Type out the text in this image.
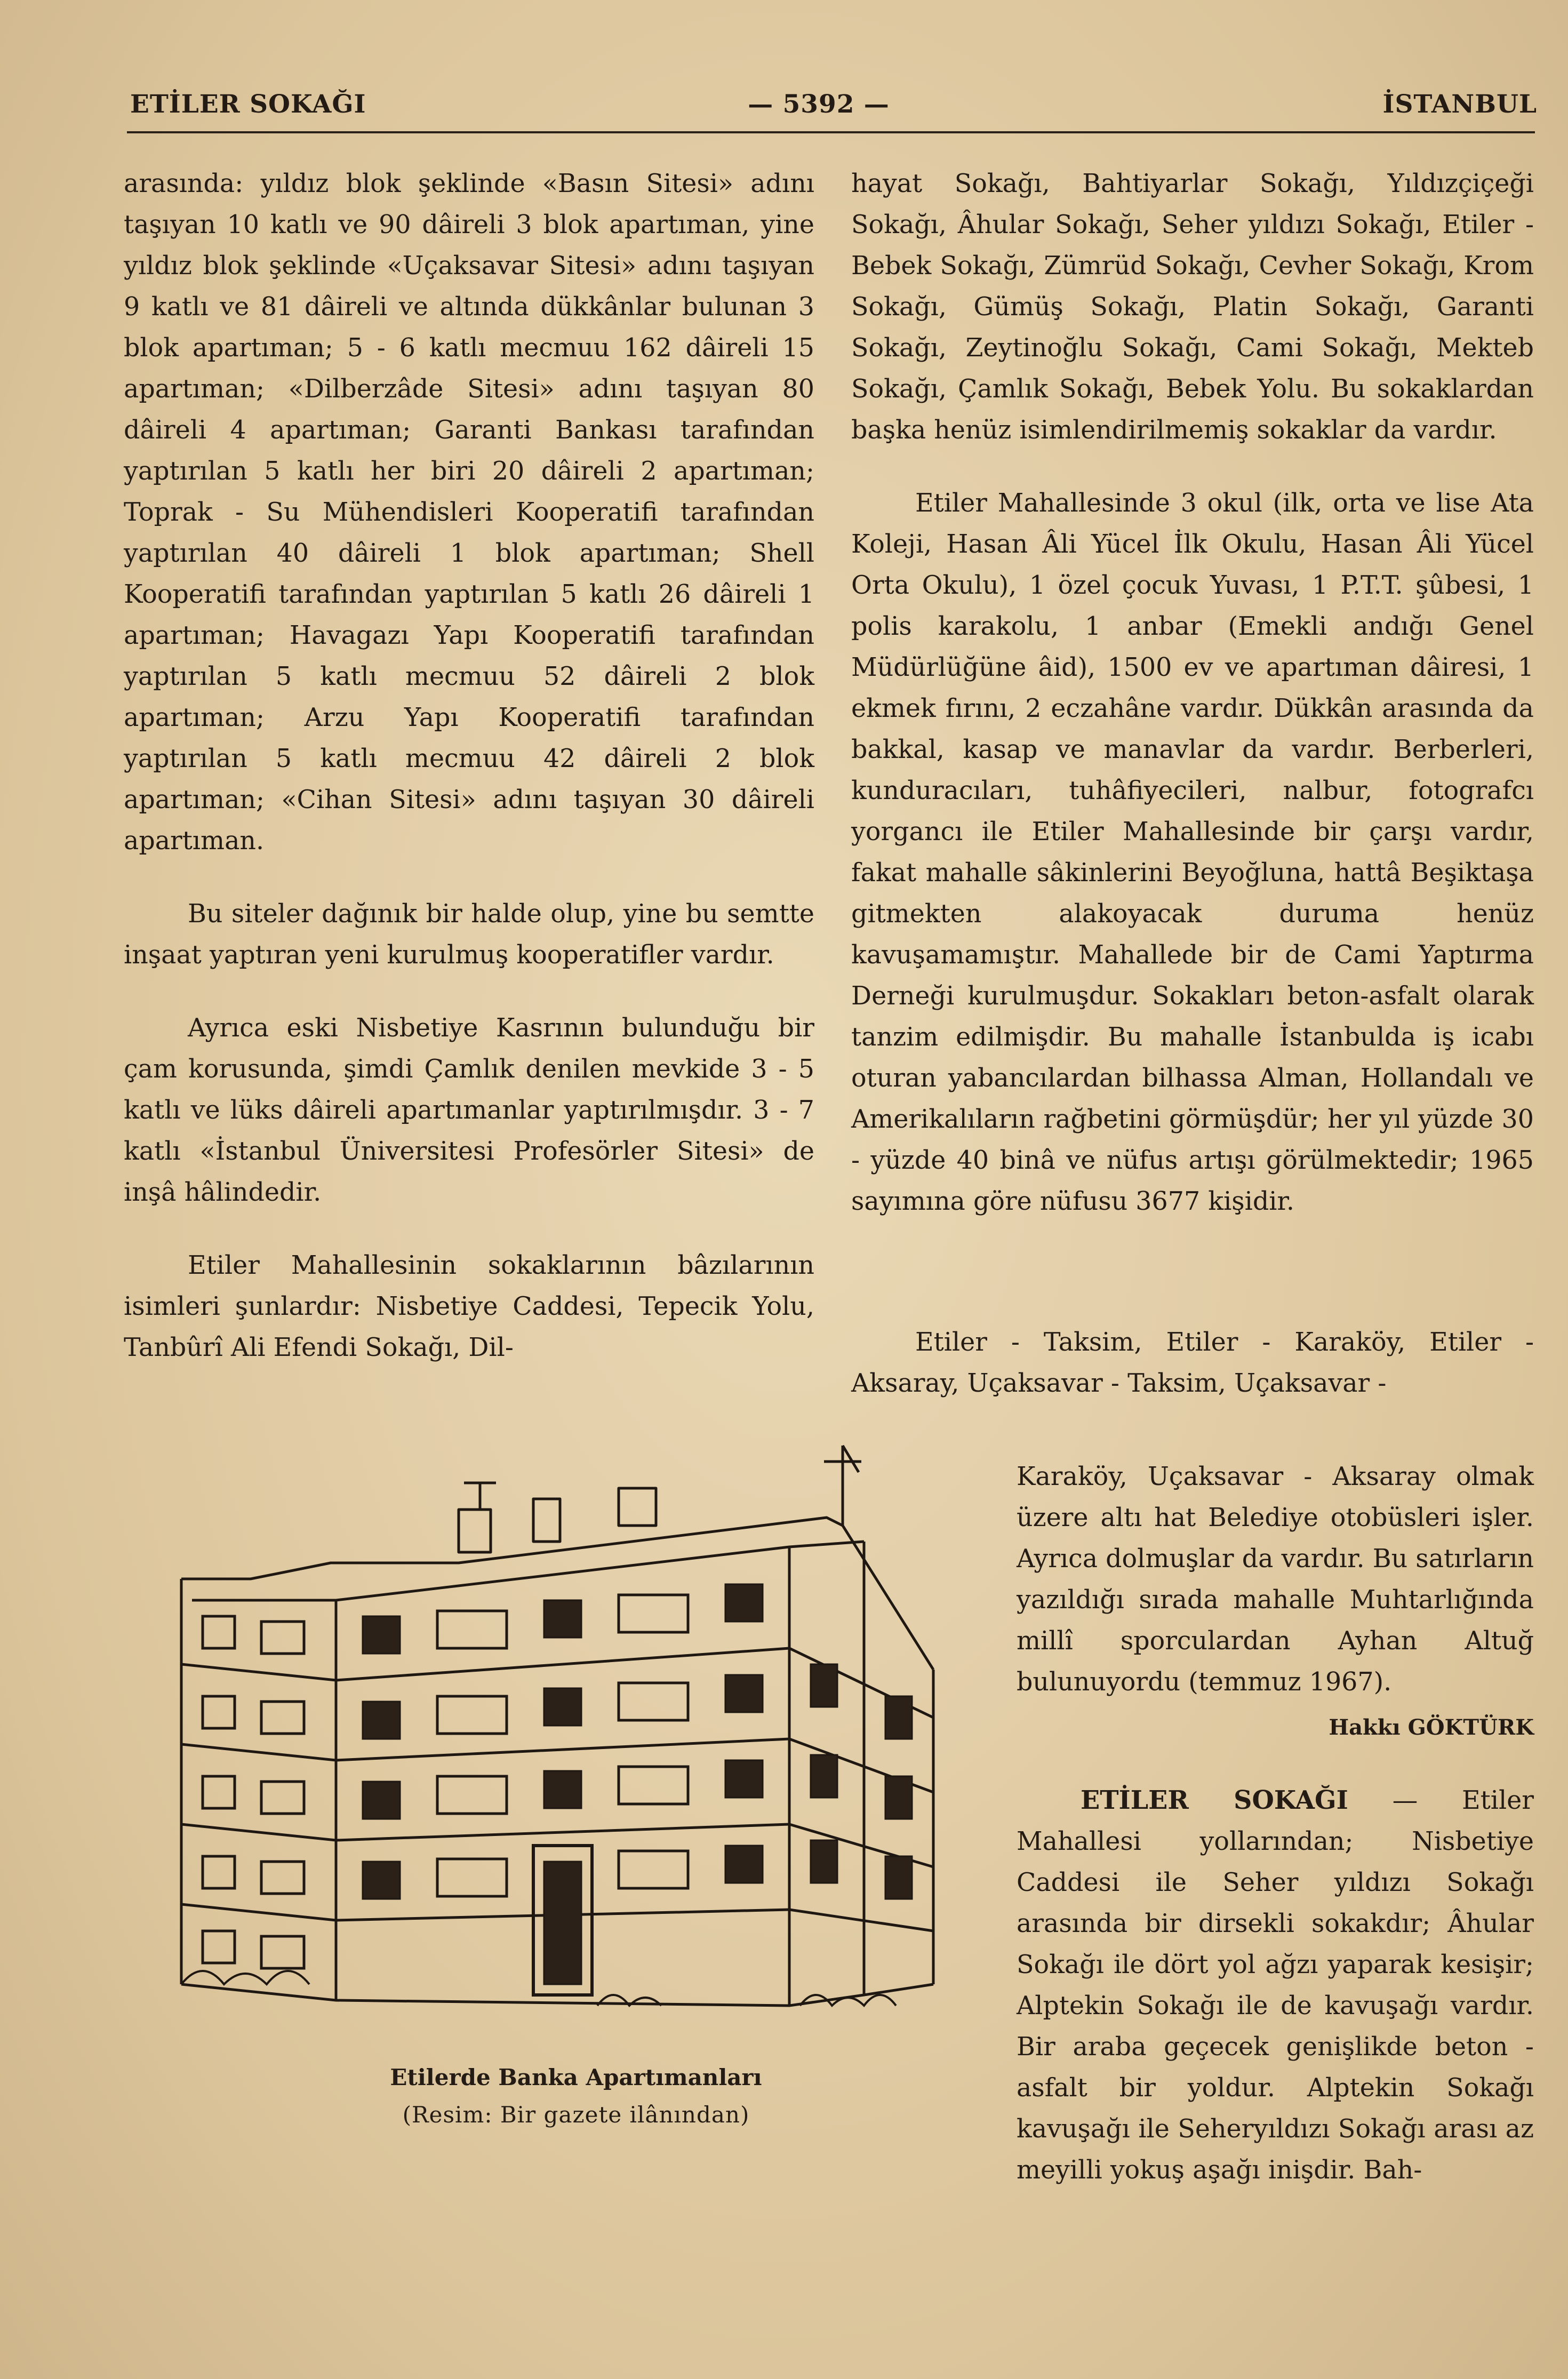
ETİLER SOKAĞI	— 5392 —	İSTANBUL

arasında: yıldız blok şeklinde «Basın Sitesi» adını taşıyan 10 katlı ve 90 dâireli 3 blok apartıman, yine yıldız blok şeklinde «Uçaksavar Sitesi» adını taşıyan 9 katlı ve 81 dâireli ve altında dükkânlar bulunan 3 blok apartıman; 5 - 6 katlı mecmuu 162 dâireli 15 apartıman; «Dilberzâde Sitesi» adını taşıyan 80 dâireli 4 apartıman; Garanti Bankası tarafından yaptırılan 5 katlı her biri 20 dâireli 2 apartıman; Toprak - Su Mühendisleri Kooperatifi tarafından yaptırılan 40 dâireli 1 blok apartıman; Shell Kooperatifi tarafından yaptırılan 5 katlı 26 dâireli 1 apartıman; Havagazı Yapı Kooperatifi tarafından yaptırılan 5 katlı mecmuu 52 dâireli 2 blok apartıman; Arzu Yapı Kooperatifi tarafından yaptırılan 5 katlı mecmuu 42 dâireli 2 blok apartıman; «Cihan Sitesi» adını taşıyan 30 dâireli apartıman.

Bu siteler dağınık bir halde olup, yine bu semtte inşaat yaptıran yeni kurulmuş kooperatifler vardır.

Ayrıca eski Nisbetiye Kasrının bulunduğu bir çam korusunda, şimdi Çamlık denilen mevkide 3 - 5 katlı ve lüks dâireli apartımanlar yaptırılmışdır. 3 - 7 katlı «İstanbul Üniversitesi Profesörler Sitesi» de inşâ hâlindedir.

Etiler Mahallesinin sokaklarının bâzılarının isimleri şunlardır: Nisbetiye Caddesi, Tepecik Yolu, Tanbûrî Ali Efendi Sokağı, Dil-

hayat Sokağı, Bahtiyarlar Sokağı, Yıldızçiçeği Sokağı, Âhular Sokağı, Seher yıldızı Sokağı, Etiler - Bebek Sokağı, Zümrüd Sokağı, Cevher Sokağı, Krom Sokağı, Gümüş Sokağı, Platin Sokağı, Garanti Sokağı, Zeytinoğlu Sokağı, Cami Sokağı, Mekteb Sokağı, Çamlık Sokağı, Bebek Yolu. Bu sokaklardan başka henüz isimlendirilmemiş sokaklar da vardır.

Etiler Mahallesinde 3 okul (ilk, orta ve lise Ata Koleji, Hasan Âli Yücel İlk Okulu, Hasan Âli Yücel Orta Okulu), 1 özel çocuk Yuvası, 1 P.T.T. şûbesi, 1 polis karakolu, 1 anbar (Emekli andığı Genel Müdürlüğüne âid), 1500 ev ve apartıman dâiresi, 1 ekmek fırını, 2 eczahâne vardır. Dükkân arasında da bakkal, kasap ve manavlar da vardır. Berberleri, kunduracıları, tuhâfiyecileri, nalbur, fotografcı yorgancı ile Etiler Mahallesinde bir çarşı vardır, fakat mahalle sâkinlerini Beyoğluna, hattâ Beşiktaşa gitmekten alakoyacak duruma henüz kavuşamamıştır. Mahallede bir de Cami Yaptırma Derneği kurulmuşdur. Sokakları beton-asfalt olarak tanzim edilmişdir. Bu mahalle İstanbulda iş icabı oturan yabancılardan bilhassa Alman, Hollandalı ve Amerikalıların rağbetini görmüşdür; her yıl yüzde 30 - yüzde 40 binâ ve nüfus artışı görülmektedir; 1965 sayımına göre nüfusu 3677 kişidir.

Etiler - Taksim, Etiler - Karaköy, Etiler - Aksaray, Uçaksavar - Taksim, Uçaksavar -

Karaköy, Uçaksavar - Aksaray olmak üzere altı hat Belediye otobüsleri işler. Ayrıca dolmuşlar da vardır. Bu satırların yazıldığı sırada mahalle Muhtarlığında millî sporculardan Ayhan Altuğ bulunuyordu (temmuz 1967).

Hakkı GÖKTÜRK

ETİLER SOKAĞI — Etiler Mahallesi yollarından; Nisbetiye Caddesi ile Seher yıldızı Sokağı arasında bir dirsekli sokakdır; Âhular Sokağı ile dört yol ağzı yaparak kesişir; Alptekin Sokağı ile de kavuşağı vardır. Bir araba geçecek genişlikde beton - asfalt bir yoldur. Alptekin Sokağı kavuşağı ile Seheryıldızı Sokağı arası az meyilli yokuş aşağı inişdir. Bah-

Etilerde Banka Apartımanları
(Resim: Bir gazete ilânından)
